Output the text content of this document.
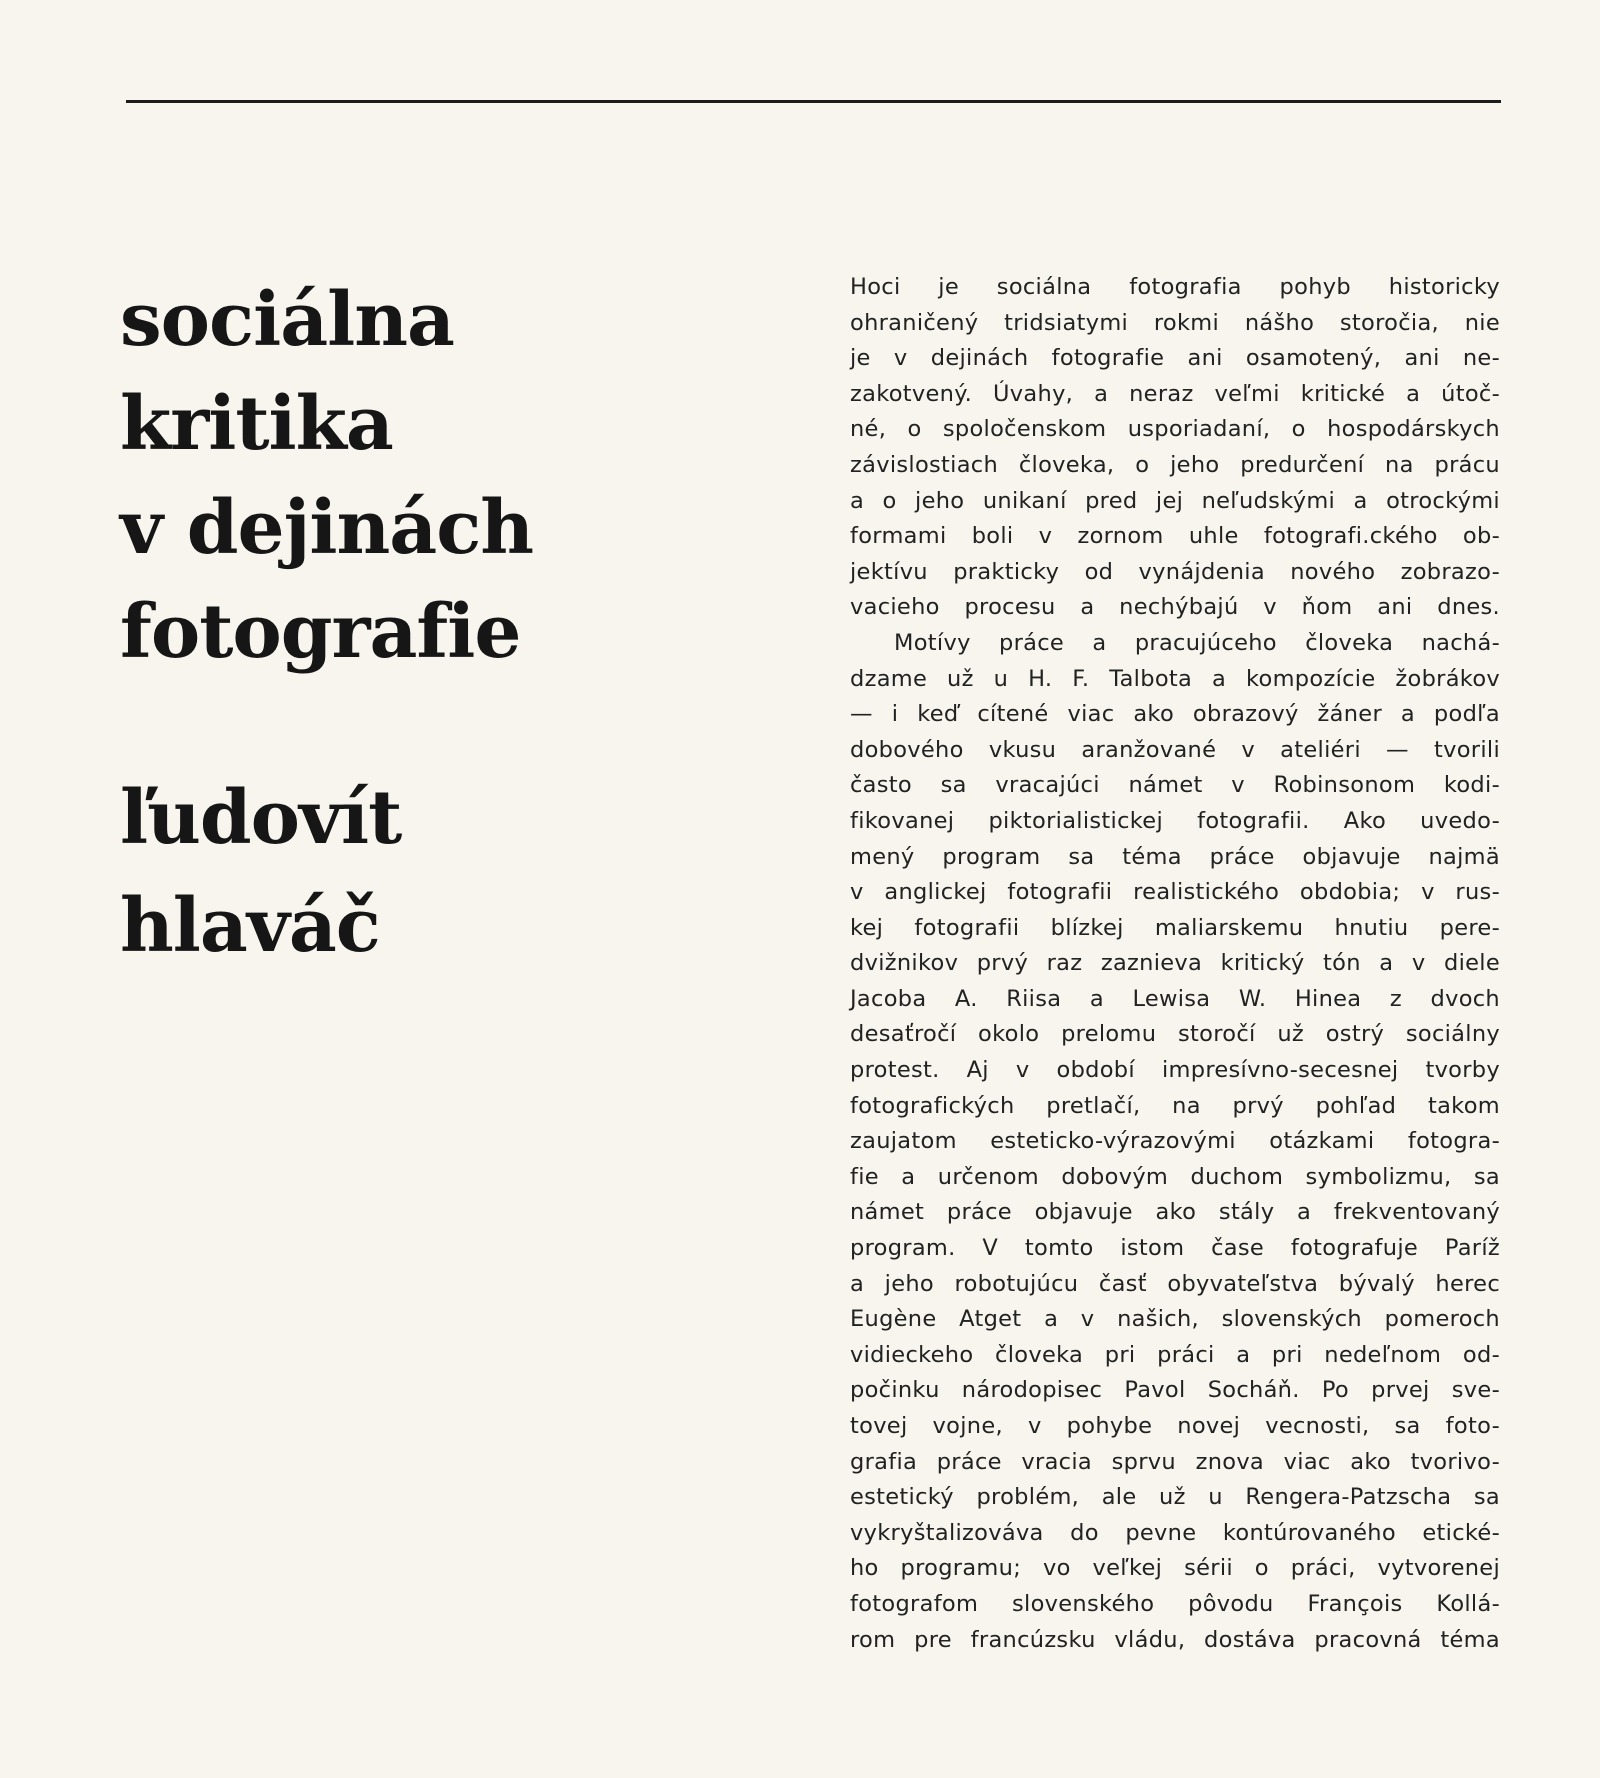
sociálna
kritika
v dejinách
fotografie
ľudovít
hlaváč
Hoci je sociálna fotografia pohyb historicky
ohraničený tridsiatymi rokmi nášho storočia, nie
je v dejinách fotografie ani osamotený, ani ne-
zakotvený. Úvahy, a neraz veľmi kritické a útoč-
né, o spoločenskom usporiadaní, o hospodárskych
závislostiach človeka, o jeho predurčení na prácu
a o jeho unikaní pred jej neľudskými a otrockými
formami boli v zornom uhle fotografi.ckého ob-
jektívu prakticky od vynájdenia nového zobrazo-
vacieho procesu a nechýbajú v ňom ani dnes.
Motívy práce a pracujúceho človeka nachá-
dzame už u H. F. Talbota a kompozície žobrákov
— i keď cítené viac ako obrazový žáner a podľa
dobového vkusu aranžované v ateliéri — tvorili
často sa vracajúci námet v Robinsonom kodi-
fikovanej piktorialistickej fotografii. Ako uvedo-
mený program sa téma práce objavuje najmä
v anglickej fotografii realistického obdobia; v rus-
kej fotografii blízkej maliarskemu hnutiu pere-
dvižnikov prvý raz zaznieva kritický tón a v diele
Jacoba A. Riisa a Lewisa W. Hinea z dvoch
desaťročí okolo prelomu storočí už ostrý sociálny
protest. Aj v období impresívno-secesnej tvorby
fotografických pretlačí, na prvý pohľad takom
zaujatom esteticko-výrazovými otázkami fotogra-
fie a určenom dobovým duchom symbolizmu, sa
námet práce objavuje ako stály a frekventovaný
program. V tomto istom čase fotografuje Paríž
a jeho robotujúcu časť obyvateľstva bývalý herec
Eugène Atget a v našich, slovenských pomeroch
vidieckeho človeka pri práci a pri nedeľnom od-
počinku národopisec Pavol Socháň. Po prvej sve-
tovej vojne, v pohybe novej vecnosti, sa foto-
grafia práce vracia sprvu znova viac ako tvorivo-
estetický problém, ale už u Rengera-Patzscha sa
vykryštalizováva do pevne kontúrovaného etické-
ho programu; vo veľkej sérii o práci, vytvorenej
fotografom slovenského pôvodu François Kollá-
rom pre francúzsku vládu, dostáva pracovná téma
